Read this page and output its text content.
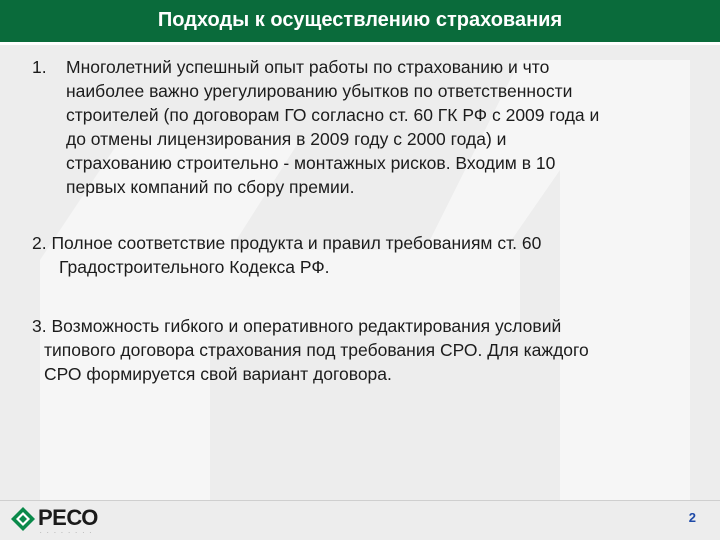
Подходы к осуществлению страхования
1. Многолетний успешный опыт работы по страхованию и что
наиболее важно урегулированию убытков по ответственности
строителей (по договорам ГО согласно ст. 60 ГК РФ с 2009 года и
до отмены лицензирования в 2009 году с 2000 года) и
страхованию строительно - монтажных рисков. Входим в 10
первых компаний по сбору премии.
2. Полное соответствие продукта и правил требованиям ст. 60
Градостроительного Кодекса РФ.
3. Возможность гибкого и оперативного редактирования условий
типового договора страхования под требования СРО. Для каждого
СРО формируется свой вариант договора.
РЕСО
· · · · · · · ·
2
